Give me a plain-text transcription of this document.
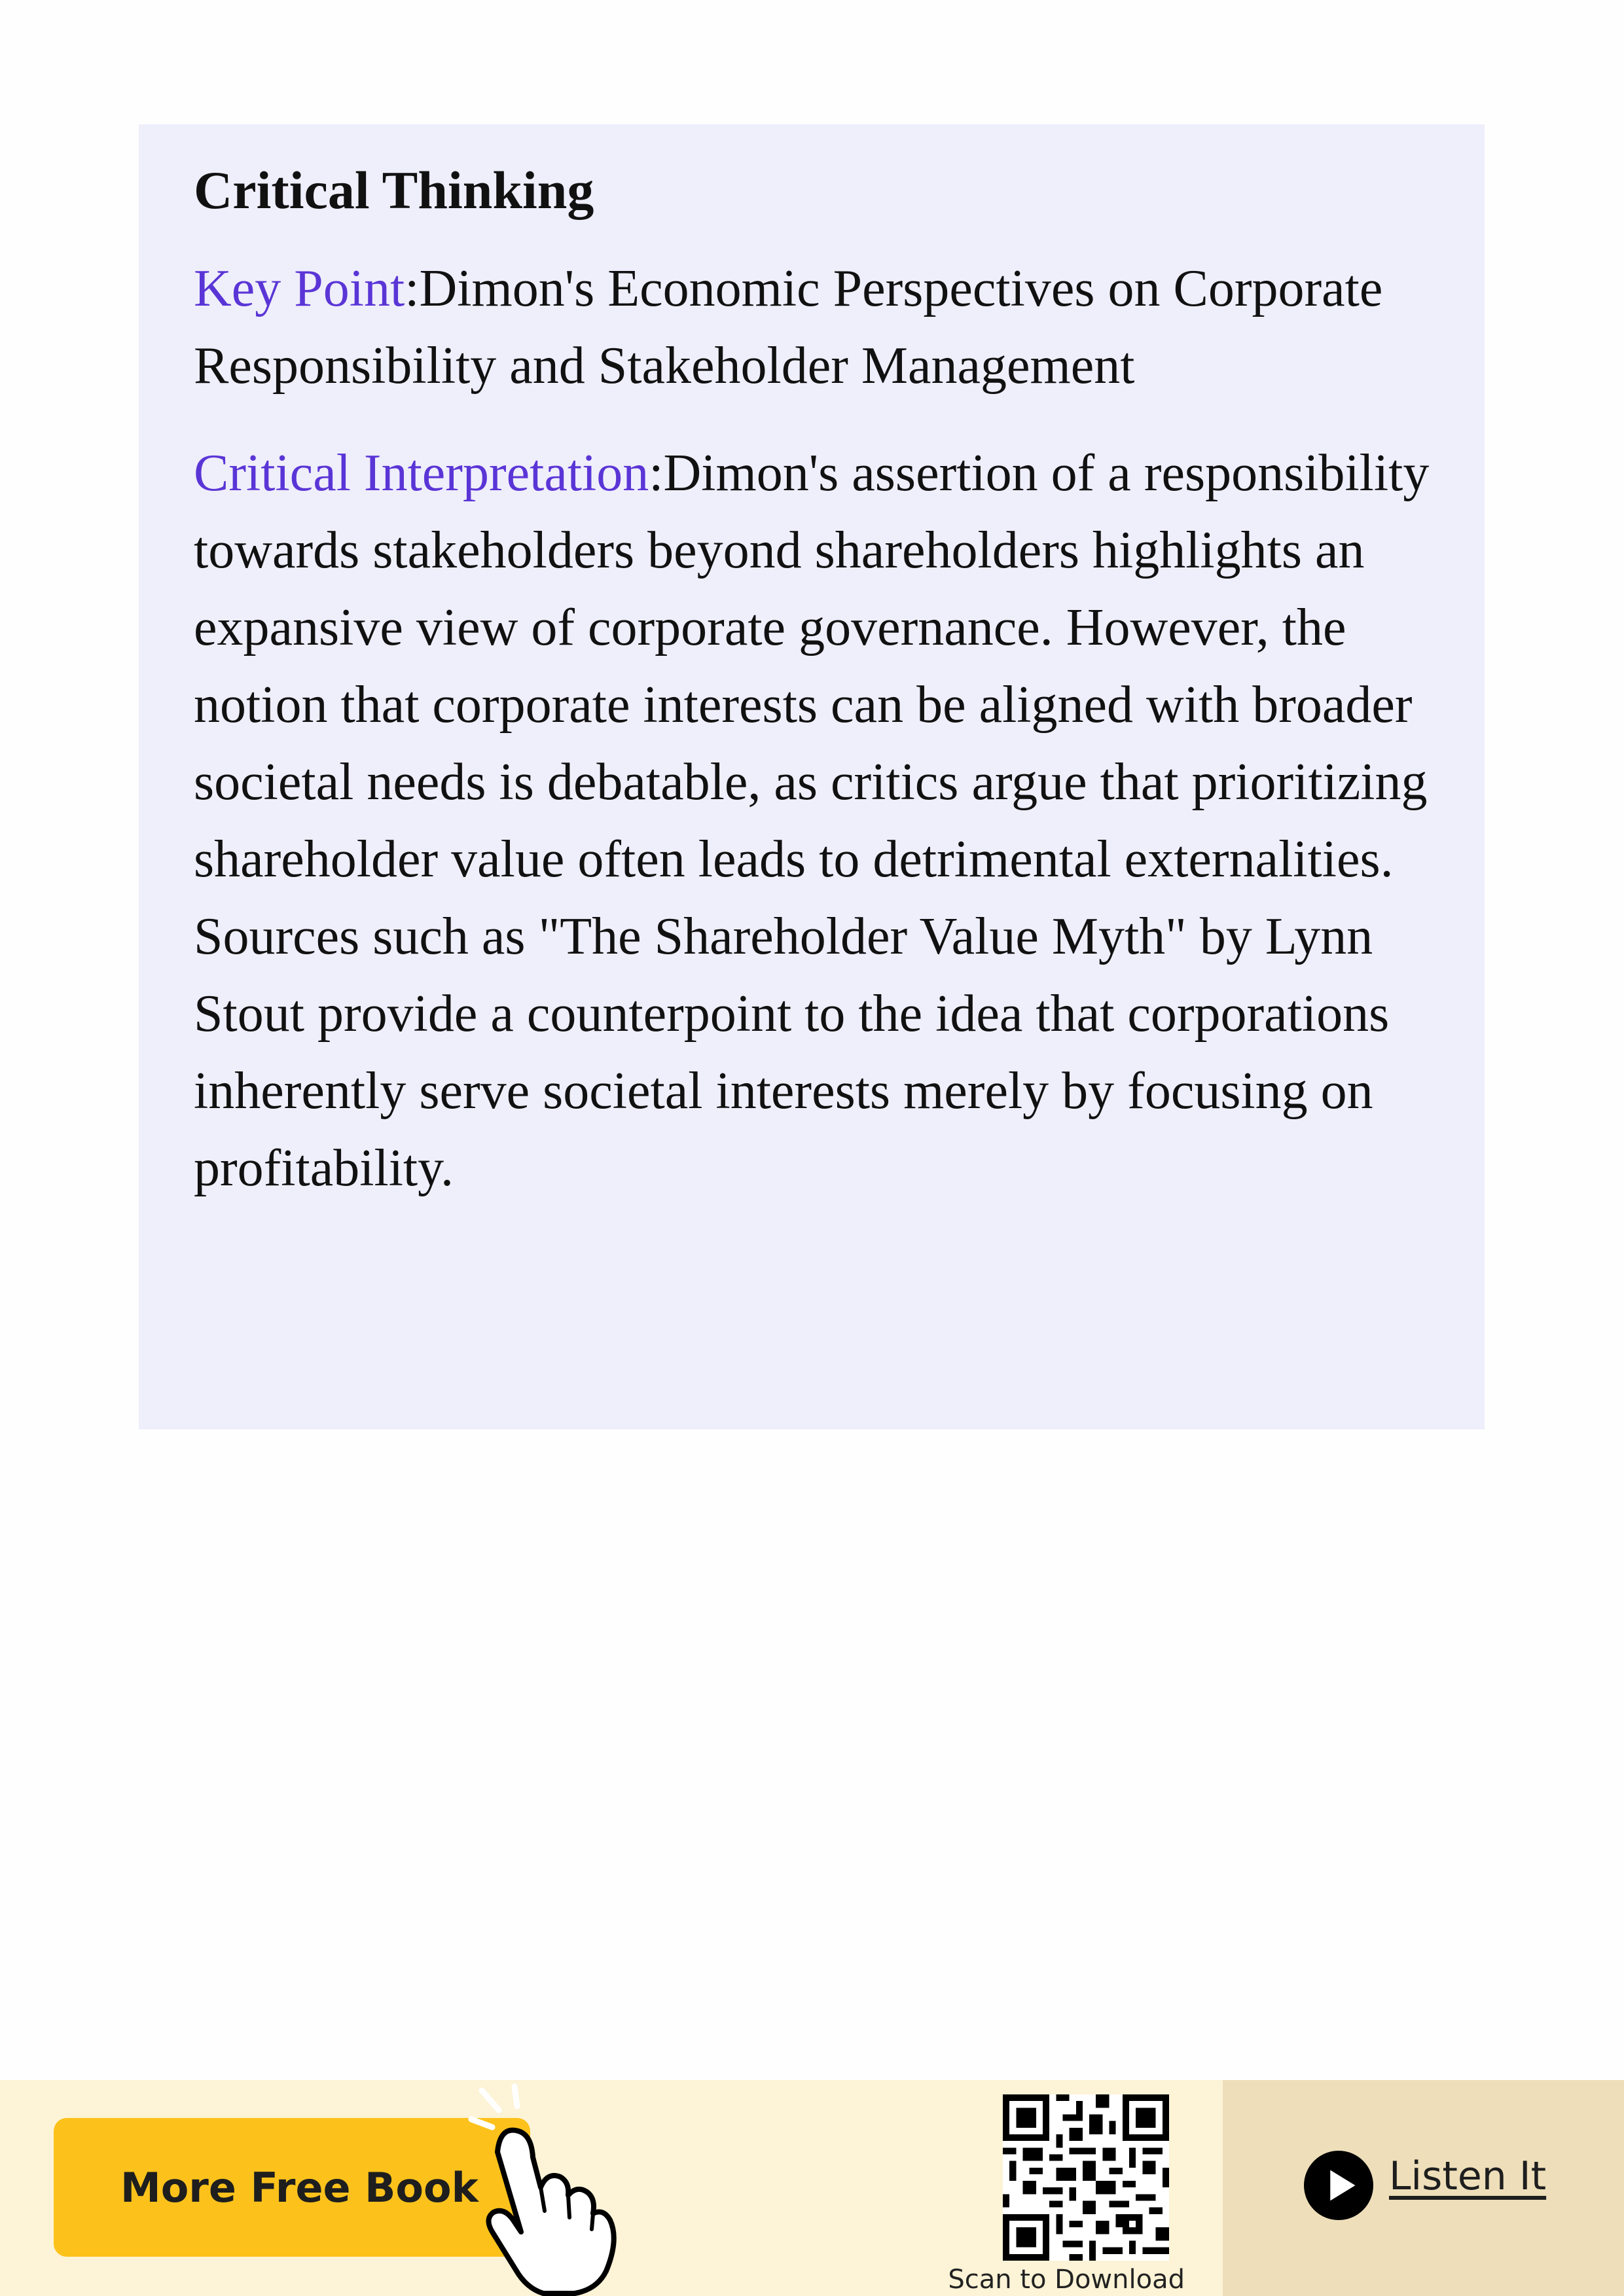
Critical Thinking

Key Point:Dimon's Economic Perspectives on Corporate Responsibility and Stakeholder Management

Critical Interpretation:Dimon's assertion of a responsibility towards stakeholders beyond shareholders highlights an expansive view of corporate governance. However, the notion that corporate interests can be aligned with broader societal needs is debatable, as critics argue that prioritizing shareholder value often leads to detrimental externalities. Sources such as "The Shareholder Value Myth" by Lynn Stout provide a counterpoint to the idea that corporations inherently serve societal interests merely by focusing on profitability.

More Free Book
Scan to Download
Listen It
